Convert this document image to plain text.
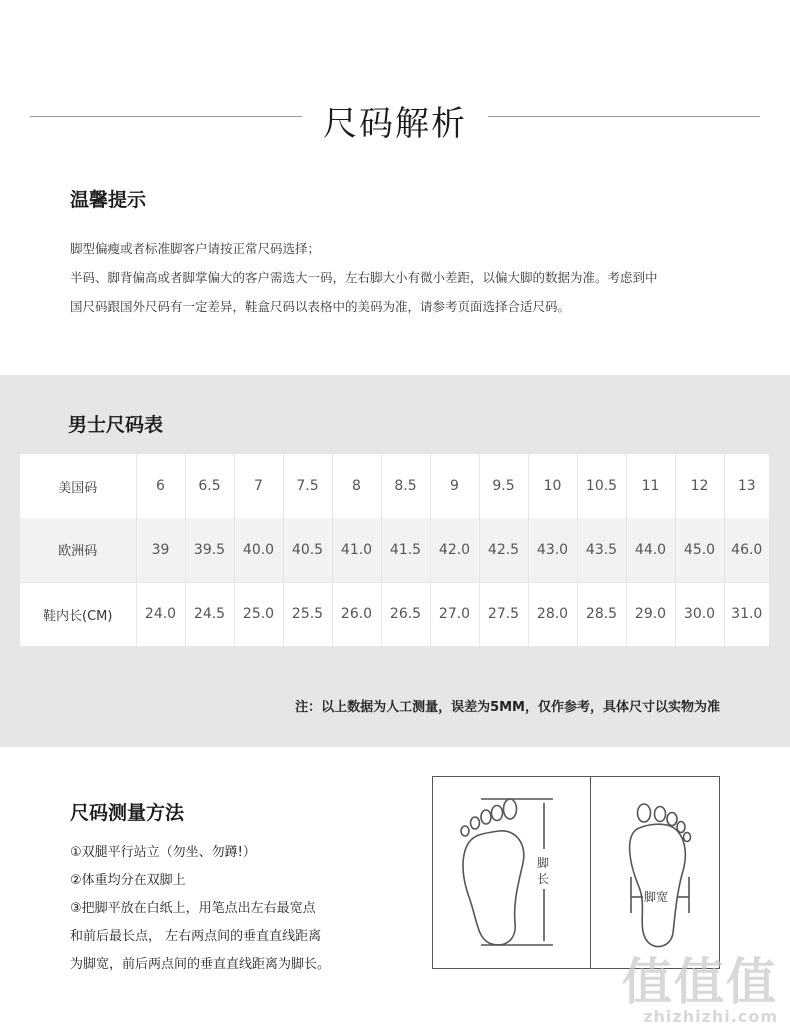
尺码解析
温馨提示

脚型偏瘦或者标准脚客户请按正常尺码选择；

半码、脚背偏高或者脚掌偏大的客户需选大一码，左右脚大小有微小差距，以偏大脚的数据为准。考虑到中

国尺码跟国外尺码有一定差异，鞋盒尺码以表格中的美码为准，请参考页面选择合适尺码。

男士尺码表
美国码	6	6.5	7	7.5	8	8.5	9	9.5	10	10.5	11	12	13
欧洲码	39	39.5	40.0	40.5	41.0	41.5	42.0	42.5	43.0	43.5	44.0	45.0	46.0
鞋内长(CM)	24.0	24.5	25.0	25.5	26.0	26.5	27.0	27.5	28.0	28.5	29.0	30.0	31.0
注：以上数据为人工测量，误差为5MM，仅作参考，具体尺寸以实物为准
尺码测量方法

①双腿平行站立（勿坐、勿蹲!）

②体重均分在双脚上

③把脚平放在白纸上，用笔点出左右最宽点

和前后最长点， 左右两点间的垂直直线距离

为脚宽，前后两点间的垂直直线距离为脚长。

脚
长
脚宽
值值值
zhizhizhi.com
